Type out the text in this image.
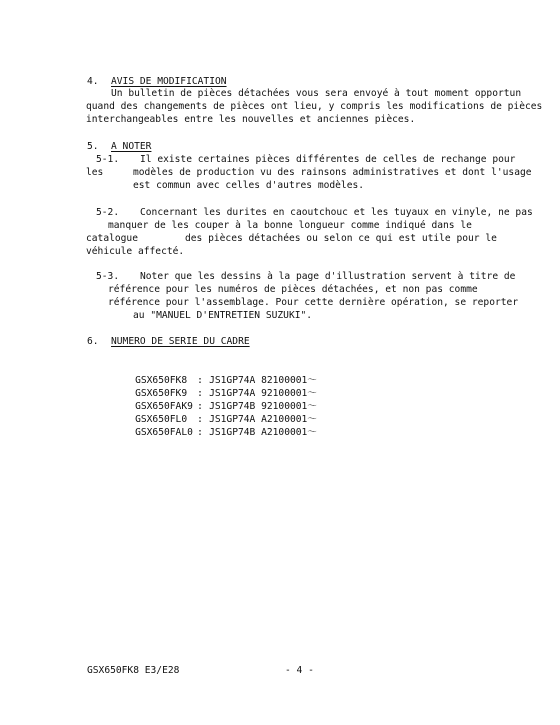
4. AVIS DE MODIFICATION
Un bulletin de pièces détachées vous sera envoyé à tout moment opportun
quand des changements de pièces ont lieu, y compris les modifications de pièces
interchangeables entre les nouvelles et anciennes pièces.
5. A NOTER
5-1. Il existe certaines pièces différentes de celles de rechange pour
les	modèles de production vu des rainsons administratives et dont l'usage
est commun avec celles d'autres modèles.
5-2. Concernant les durites en caoutchouc et les tuyaux en vinyle, ne pas
manquer de les couper à la bonne longueur comme indiqué dans le
catalogue	des pièces détachées ou selon ce qui est utile pour le
véhicule affecté.
5-3. Noter que les dessins à la page d'illustration servent à titre de
référence pour les numéros de pièces détachées, et non pas comme
référence pour l'assemblage. Pour cette dernière opération, se reporter
au "MANUEL D'ENTRETIEN SUZUKI".
6. NUMERO DE SERIE DU CADRE

GSX650FK8 : JS1GP74A 82100001～

GSX650FK9 : JS1GP74A 92100001～

GSX650FAK9 : JS1GP74B 92100001～

GSX650FL0 : JS1GP74A A2100001～

GSX650FAL0 : JS1GP74B A2100001～

GSX650FK8 E3/E28	- 4 -
